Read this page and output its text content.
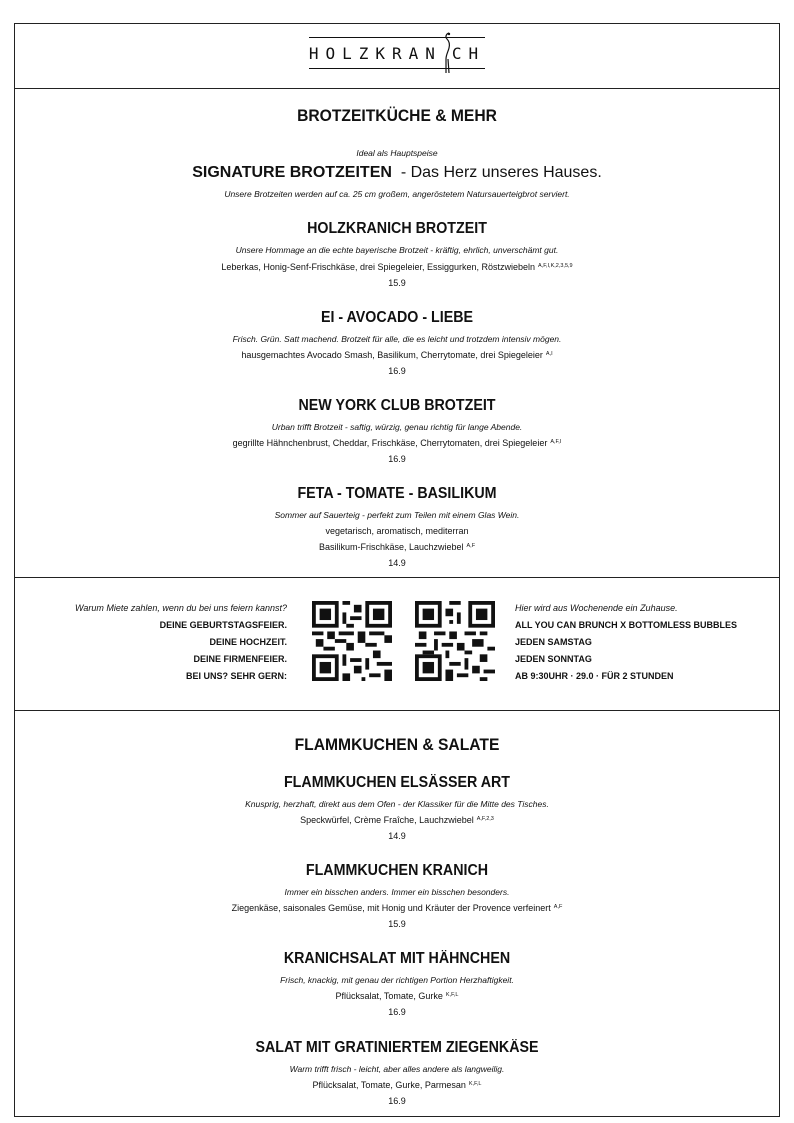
HOLZKRAN CH
BROTZEITKÜCHE & MEHR
Ideal als Hauptspeise
SIGNATURE BROTZEITEN - Das Herz unseres Hauses.
Unsere Brotzeiten werden auf ca. 25 cm großem, angeröstetem Natursauerteigbrot serviert.
HOLZKRANICH BROTZEIT
Unsere Hommage an die echte bayerische Brotzeit - kräftig, ehrlich, unverschämt gut.
Leberkas, Honig-Senf-Frischkäse, drei Spiegeleier, Essiggurken, Röstzwiebeln $^{A,F,I,K,2,3,5,9}$
15.9
EI - AVOCADO - LIEBE
Frisch. Grün. Satt machend. Brotzeit für alle, die es leicht und trotzdem intensiv mögen.
hausgemachtes Avocado Smash, Basilikum, Cherrytomate, drei Spiegeleier $^{A,I}$
16.9
NEW YORK CLUB BROTZEIT
Urban trifft Brotzeit - saftig, würzig, genau richtig für lange Abende.
gegrillte Hähnchenbrust, Cheddar, Frischkäse, Cherrytomaten, drei Spiegeleier $^{A,F,I}$
16.9
FETA - TOMATE - BASILIKUM
Sommer auf Sauerteig - perfekt zum Teilen mit einem Glas Wein.
vegetarisch, aromatisch, mediterran
Basilikum-Frischkäse, Lauchzwiebel $^{A,F}$
14.9
Warum Miete zahlen, wenn du bei uns feiern kannst?
DEINE GEBURTSTAGSFEIER.
DEINE HOCHZEIT.
DEINE FIRMENFEIER.
BEI UNS? SEHR GERN:
Hier wird aus Wochenende ein Zuhause.
ALL YOU CAN BRUNCH X BOTTOMLESS BUBBLES
JEDEN SAMSTAG
JEDEN SONNTAG
AB 9:30UHR · 29.0 · FÜR 2 STUNDEN
FLAMMKUCHEN & SALATE
FLAMMKUCHEN ELSÄSSER ART
Knusprig, herzhaft, direkt aus dem Ofen - der Klassiker für die Mitte des Tisches.
Speckwürfel, Crème Fraîche, Lauchzwiebel $^{A,F,2,3}$
14.9
FLAMMKUCHEN KRANICH
Immer ein bisschen anders. Immer ein bisschen besonders.
Ziegenkäse, saisonales Gemüse, mit Honig und Kräuter der Provence verfeinert $^{A,F}$
15.9
KRANICHSALAT MIT HÄHNCHEN
Frisch, knackig, mit genau der richtigen Portion Herzhaftigkeit.
Pflücksalat, Tomate, Gurke $^{K,F,L}$
16.9
SALAT MIT GRATINIERTEM ZIEGENKÄSE
Warm trifft frisch - leicht, aber alles andere als langweilig.
Pflücksalat, Tomate, Gurke, Parmesan $^{K,F,L}$
16.9
